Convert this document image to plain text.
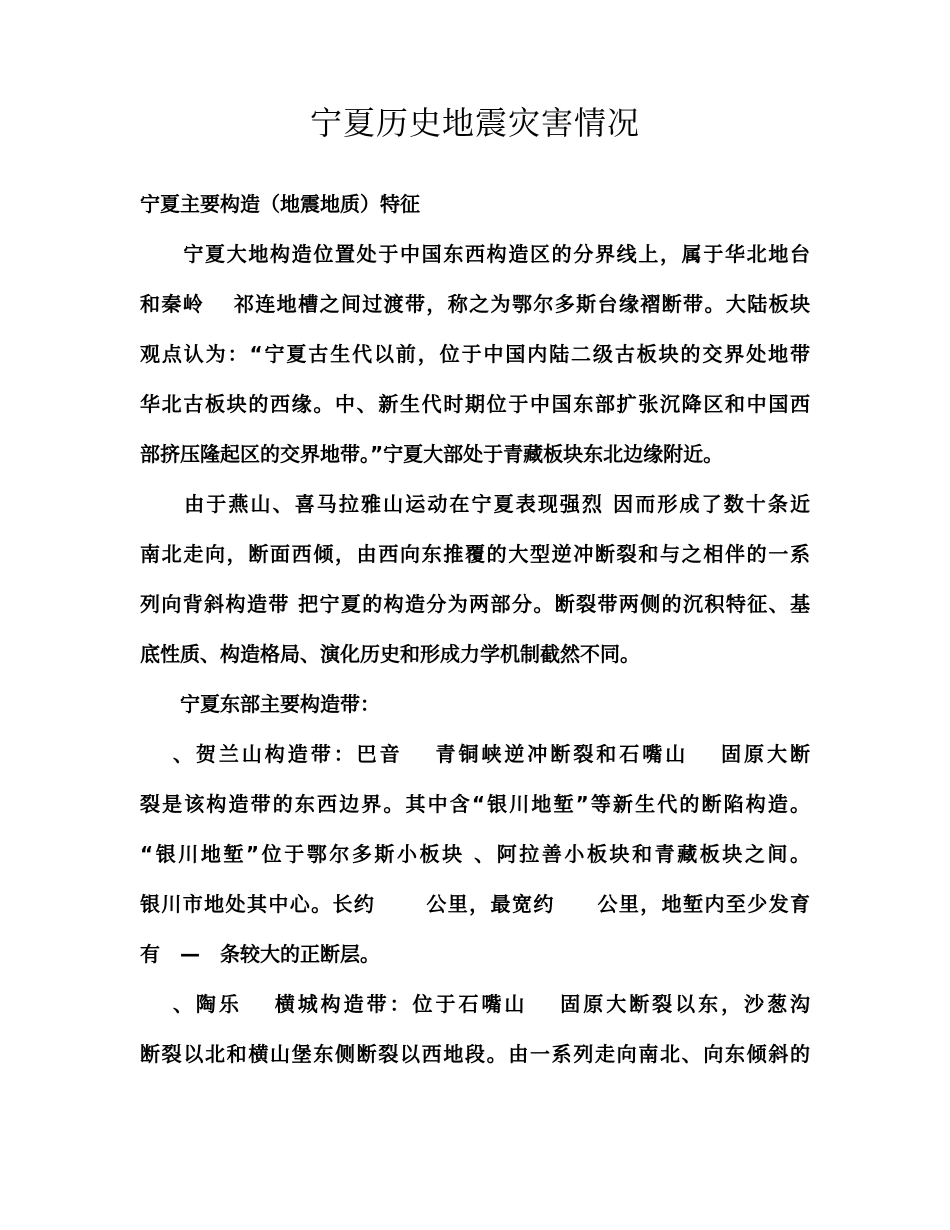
宁夏历史地震灾害情况
宁夏主要构造（地震地质）特征

　　宁夏大地构造位置处于中国东西构造区的分界线上，属于华北地台

和秦岭　 祁连地槽之间过渡带，称之为鄂尔多斯台缘褶断带。大陆板块

观点认为：“宁夏古生代以前，位于中国内陆二级古板块的交界处地带

华北古板块的西缘。中、新生代时期位于中国东部扩张沉降区和中国西

部挤压隆起区的交界地带。”宁夏大部处于青藏板块东北边缘附近。

　　由于燕山、喜马拉雅山运动在宁夏表现强烈 因而形成了数十条近

南北走向，断面西倾，由西向东推覆的大型逆冲断裂和与之相伴的一系

列向背斜构造带 把宁夏的构造分为两部分。断裂带两侧的沉积特征、基

底性质、构造格局、演化历史和形成力学机制截然不同。

　　宁夏东部主要构造带：

　 、贺兰山构造带：巴音　 青铜峡逆冲断裂和石嘴山　 固原大断

裂是该构造带的东西边界。其中含“银川地堑”等新生代的断陷构造。

“银川地堑”位于鄂尔多斯小板块 、阿拉善小板块和青藏板块之间。

银川市地处其中心。长约　　 公里，最宽约　　公里，地堑内至少发育

有　—　条较大的正断层。

　 、陶乐　 横城构造带：位于石嘴山　 固原大断裂以东，沙葱沟

断裂以北和横山堡东侧断裂以西地段。由一系列走向南北、向东倾斜的
